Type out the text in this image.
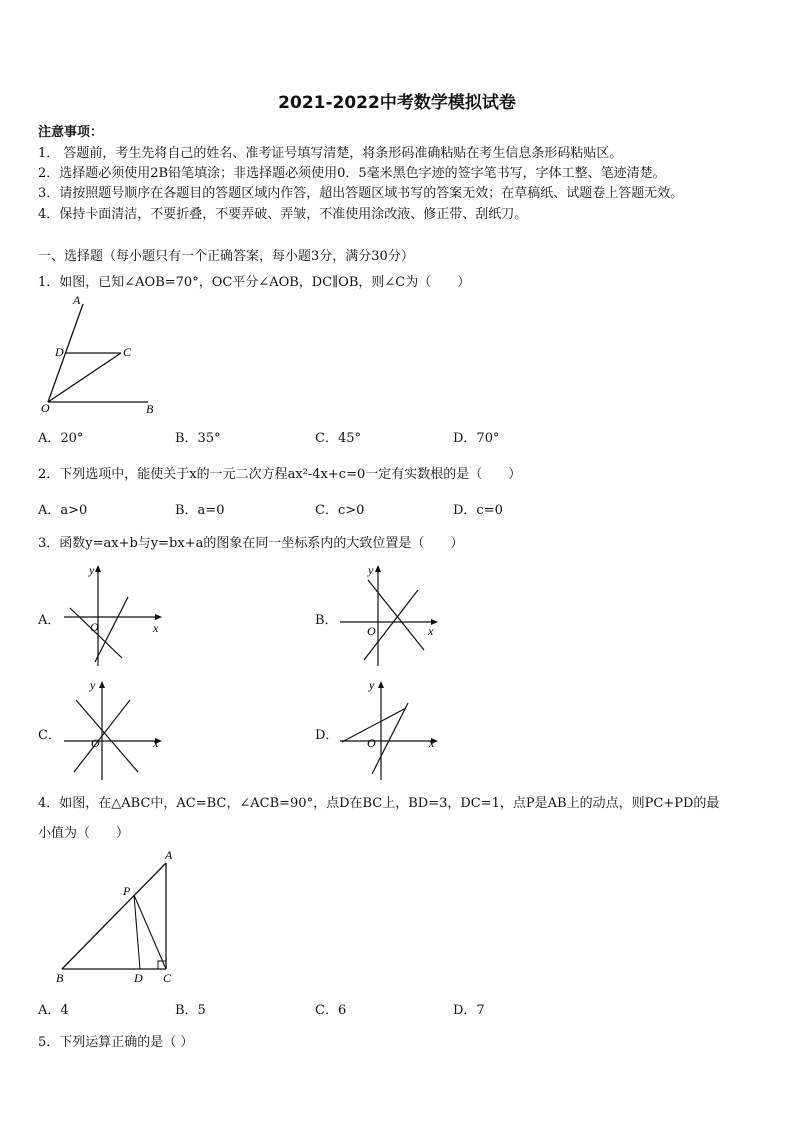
2021-2022中考数学模拟试卷
注意事项：
1． 答题前，考生先将自己的姓名、准考证号填写清楚，将条形码准确粘贴在考生信息条形码粘贴区。
2．选择题必须使用2B铅笔填涂；非选择题必须使用0．5毫米黑色字迹的签字笔书写，字体工整、笔迹清楚。
3．请按照题号顺序在各题目的答题区域内作答，超出答题区域书写的答案无效；在草稿纸、试题卷上答题无效。
4．保持卡面清洁，不要折叠，不要弄破、弄皱，不准使用涂改液、修正带、刮纸刀。
一、选择题（每小题只有一个正确答案，每小题3分，满分30分）
1．如图，已知∠AOB=70°，OC平分∠AOB，DC∥OB，则∠C为（　　）
A
D	C
O	B
A．20°	B．35°	C．45°	D．70°
2．下列选项中，能使关于x的一元二次方程ax²-4x+c=0一定有实数根的是（　　）
A．a>0	B．a=0	C．c>0	D．c=0
3．函数y=ax+b与y=bx+a的图象在同一坐标系内的大致位置是（　　）
A．
y
x
O	B．
y
x
O
C．
y
x
O	D．
y
x
O
4．如图，在△ABC中，AC=BC，∠ACB=90°，点D在BC上，BD=3，DC=1，点P是AB上的动点，则PC+PD的最
小值为（　　）
A
P
B	D C
A．4	B．5	C．6	D．7
5．下列运算正确的是（ ）
